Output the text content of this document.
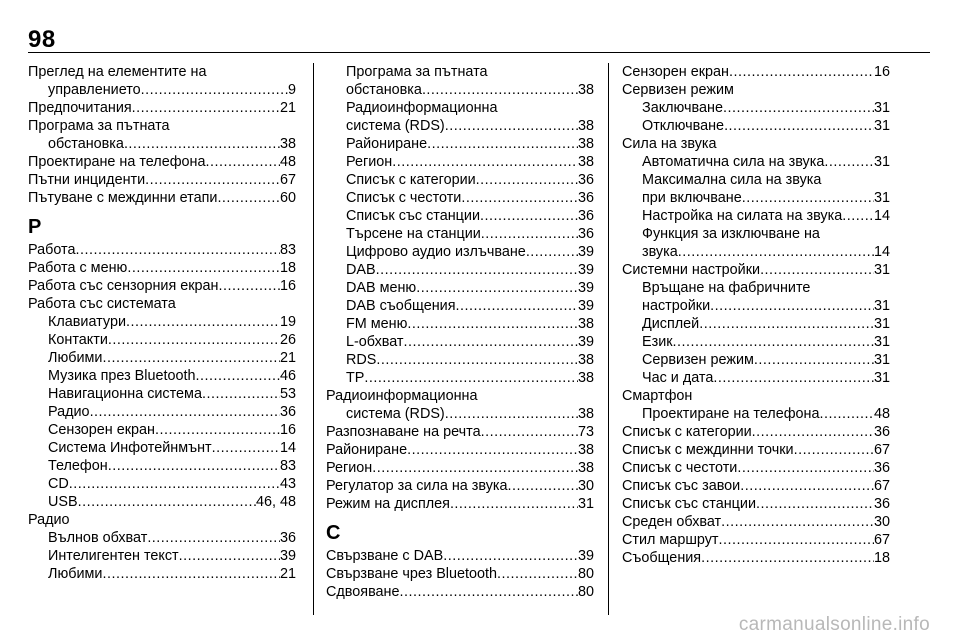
98
Преглед на елементите на
управлението .....	9
Предпочитания .....	21
Програма за пътната
обстановка .....	38
Проектиране на телефона .....	48
Пътни инциденти .....	67
Пътуване с междинни етапи .....	60
Р
Работа .....	83
Работа с меню .....	18
Работа със сензорния екран .....	16
Работа със системата
Клавиатури .....	19
Контакти .....	26
Любими .....	21
Музика през Bluetooth .....	46
Навигационна система .....	53
Радио .....	36
Сензорен екран .....	16
Система Инфотейнмънт .....	14
Телефон .....	83
CD .....	43
USB .....	46, 48
Радио
Вълнов обхват .....	36
Интелигентен текст .....	39
Любими .....	21
Програма за пътната
обстановка .....	38
Радиоинформационна
система (RDS) .....	38
Райониране .....	38
Регион .....	38
Списък с категории .....	36
Списък с честоти .....	36
Списък със станции .....	36
Търсене на станции .....	36
Цифрово аудио излъчване .....	39
DAB .....	39
DAB меню .....	39
DAB съобщения .....	39
FM меню .....	38
L-обхват .....	39
RDS .....	38
TP .....	38
Радиоинформационна
система (RDS) .....	38
Разпознаване на речта .....	73
Райониране .....	38
Регион .....	38
Регулатор за сила на звука .....	30
Режим на дисплея .....	31
С
Свързване с DAB .....	39
Свързване чрез Bluetooth .....	80
Сдвояване .....	80
Сензорен екран .....	16
Сервизен режим
Заключване .....	31
Отключване .....	31
Сила на звука
Автоматична сила на звука .....	31
Максимална сила на звука
при включване .....	31
Настройка на силата на звука ..... 14
Функция за изключване на
звука .....	14
Системни настройки .....	31
Връщане на фабричните
настройки .....	31
Дисплей .....	31
Език .....	31
Сервизен режим .....	31
Час и дата .....	31
Смартфон
Проектиране на телефона .....	48
Списък с категории .....	36
Списък с междинни точки .....	67
Списък с честоти .....	36
Списък със завои .....	67
Списък със станции .....	36
Среден обхват .....	30
Стил маршрут .....	67
Съобщения .....	18
carmanualsonline.info
